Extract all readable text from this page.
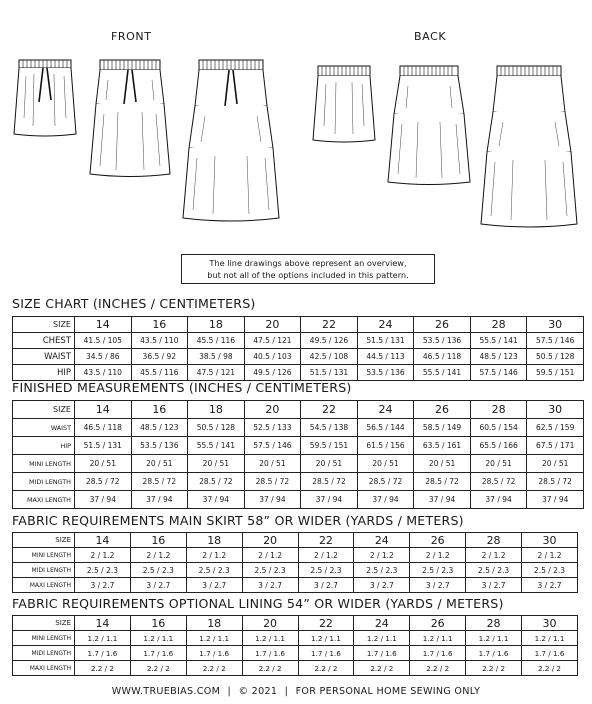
FRONT	BACK
The line drawings above represent an overview,
but not all of the options included in this pattern.
SIZE CHART (INCHES / CENTIMETERS)
SIZE	14	16	18	20	22	24	26	28	30
CHEST	41.5 / 105	43.5 / 110	45.5 / 116	47.5 / 121	49.5 / 126	51.5 / 131	53.5 / 136	55.5 / 141	57.5 / 146
WAIST	34.5 / 86	36.5 / 92	38.5 / 98	40.5 / 103	42.5 / 108	44.5 / 113	46.5 / 118	48.5 / 123	50.5 / 128
HIP	43.5 / 110	45.5 / 116	47.5 / 121	49.5 / 126	51.5 / 131	53.5 / 136	55.5 / 141	57.5 / 146	59.5 / 151
FINISHED MEASUREMENTS (INCHES / CENTIMETERS)
SIZE	14	16	18	20	22	24	26	28	30
WAIST	46.5 / 118	48.5 / 123	50.5 / 128	52.5 / 133	54.5 / 138	56.5 / 144	58.5 / 149	60.5 / 154	62.5 / 159
HIP	51.5 / 131	53.5 / 136	55.5 / 141	57.5 / 146	59.5 / 151	61.5 / 156	63.5 / 161	65.5 / 166	67.5 / 171
MINI LENGTH	20 / 51	20 / 51	20 / 51	20 / 51	20 / 51	20 / 51	20 / 51	20 / 51	20 / 51
MIDI LENGTH	28.5 / 72	28.5 / 72	28.5 / 72	28.5 / 72	28.5 / 72	28.5 / 72	28.5 / 72	28.5 / 72	28.5 / 72
MAXI LENGTH	37 / 94	37 / 94	37 / 94	37 / 94	37 / 94	37 / 94	37 / 94	37 / 94	37 / 94
FABRIC REQUIREMENTS MAIN SKIRT 58” OR WIDER (YARDS / METERS)
SIZE	14	16	18	20	22	24	26	28	30
MINI LENGTH	2 / 1.2	2 / 1.2	2 / 1.2	2 / 1.2	2 / 1.2	2 / 1.2	2 / 1.2	2 / 1.2	2 / 1.2
MIDI LENGTH	2.5 / 2.3	2.5 / 2.3	2.5 / 2.3	2.5 / 2.3	2.5 / 2.3	2.5 / 2.3	2.5 / 2.3	2.5 / 2.3	2.5 / 2.3
MAXI LENGTH	3 / 2.7	3 / 2.7	3 / 2.7	3 / 2.7	3 / 2.7	3 / 2.7	3 / 2.7	3 / 2.7	3 / 2.7
FABRIC REQUIREMENTS OPTIONAL LINING 54” OR WIDER (YARDS / METERS)
SIZE	14	16	18	20	22	24	26	28	30
MINI LENGTH	1.2 / 1.1	1.2 / 1.1	1.2 / 1.1	1.2 / 1.1	1.2 / 1.1	1.2 / 1.1	1.2 / 1.1	1.2 / 1.1	1.2 / 1.1
MIDI LENGTH	1.7 / 1.6	1.7 / 1.6	1.7 / 1.6	1.7 / 1.6	1.7 / 1.6	1.7 / 1.6	1.7 / 1.6	1.7 / 1.6	1.7 / 1.6
MAXI LENGTH	2.2 / 2	2.2 / 2	2.2 / 2	2.2 / 2	2.2 / 2	2.2 / 2	2.2 / 2	2.2 / 2	2.2 / 2
WWW.TRUEBIAS.COM | © 2021 | FOR PERSONAL HOME SEWING ONLY
